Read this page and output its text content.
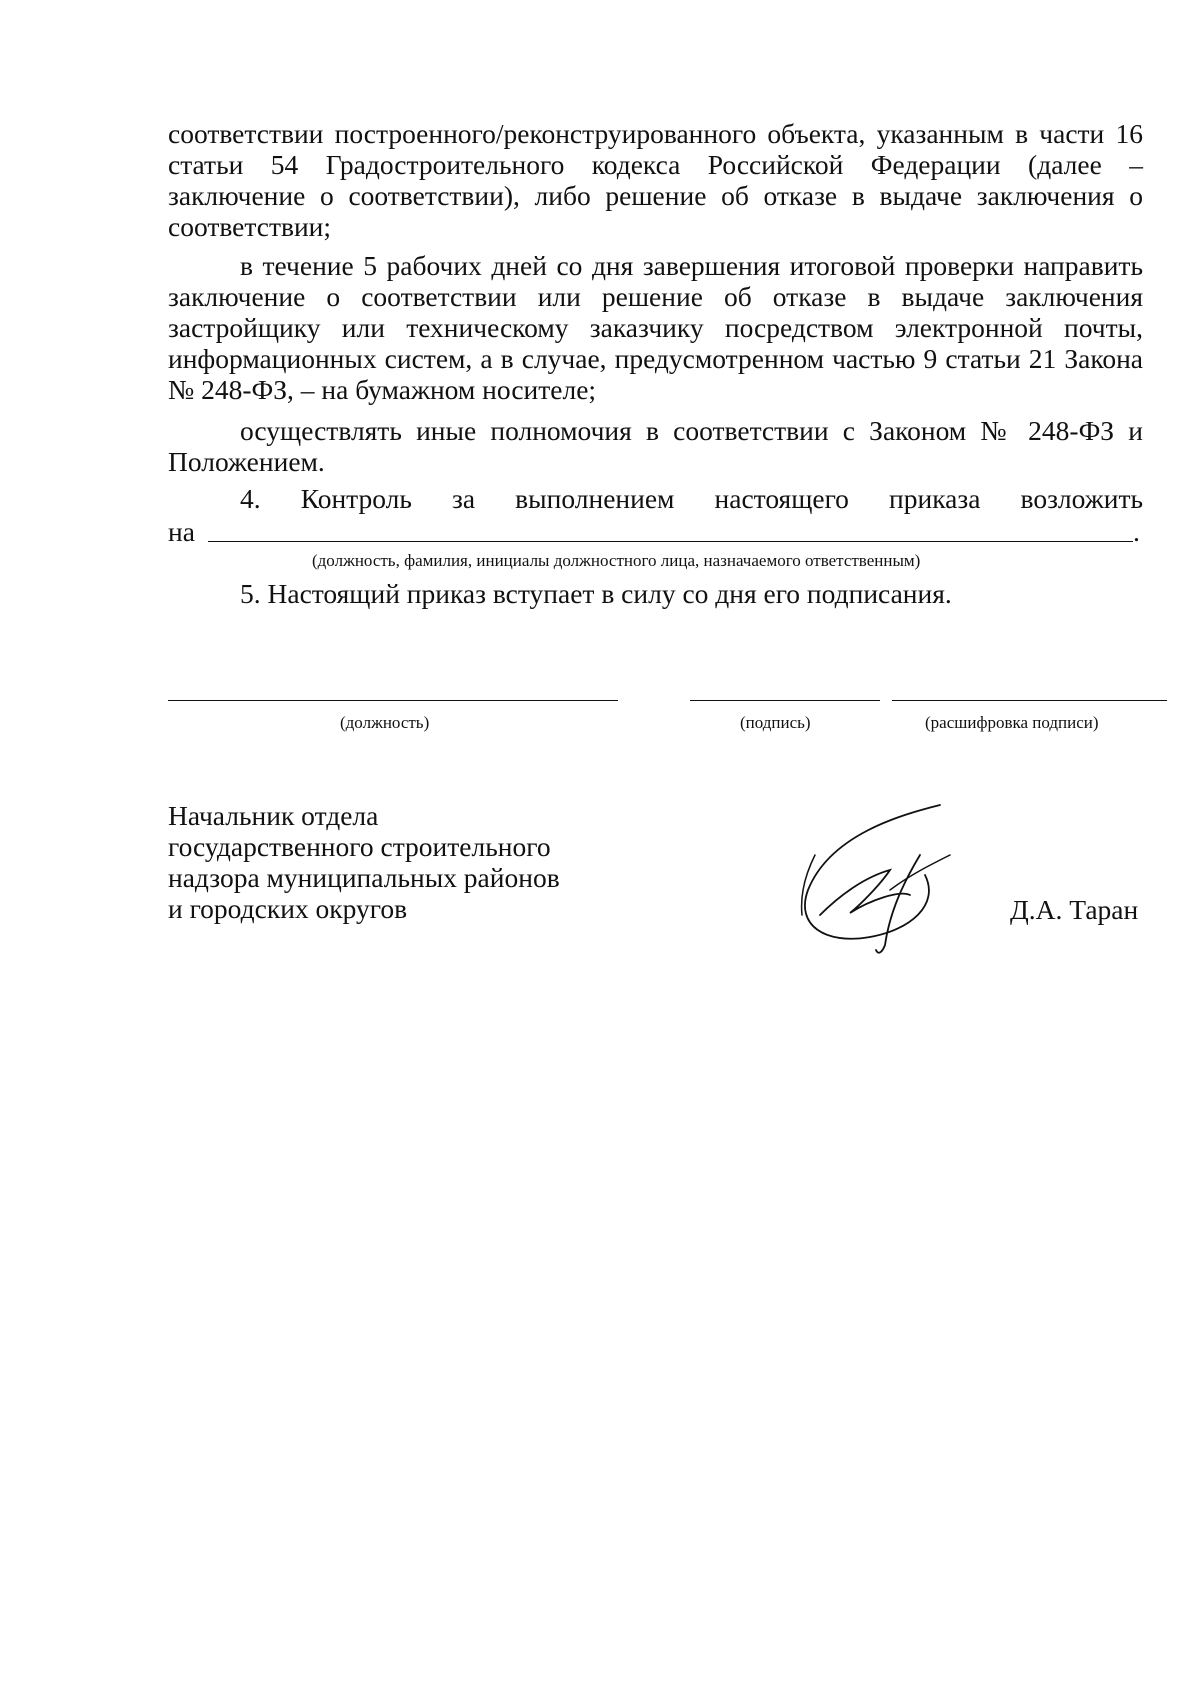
соответствии построенного/реконструированного объекта, указанным в части 16 статьи 54 Градостроительного кодекса Российской Федерации (далее – заключение о соответствии), либо решение об отказе в выдаче заключения о соответствии;

в течение 5 рабочих дней со дня завершения итоговой проверки направить заключение о соответствии или решение об отказе в выдаче заключения застройщику или техническому заказчику посредством электронной почты, информационных систем, а в случае, предусмотренном частью 9 статьи 21 Закона № 248-ФЗ, – на бумажном носителе;

осуществлять иные полномочия в соответствии с Законом № 248-ФЗ и Положением.

4. Контроль за выполнением настоящего приказа возложить

на	.
(должность, фамилия, инициалы должностного лица, назначаемого ответственным)

5. Настоящий приказ вступает в силу со дня его подписания.

(должность)	(подпись)	(расшифровка подписи)
Начальник отдела
государственного строительного
надзора муниципальных районов
и городских округов	Д.А. Таран
